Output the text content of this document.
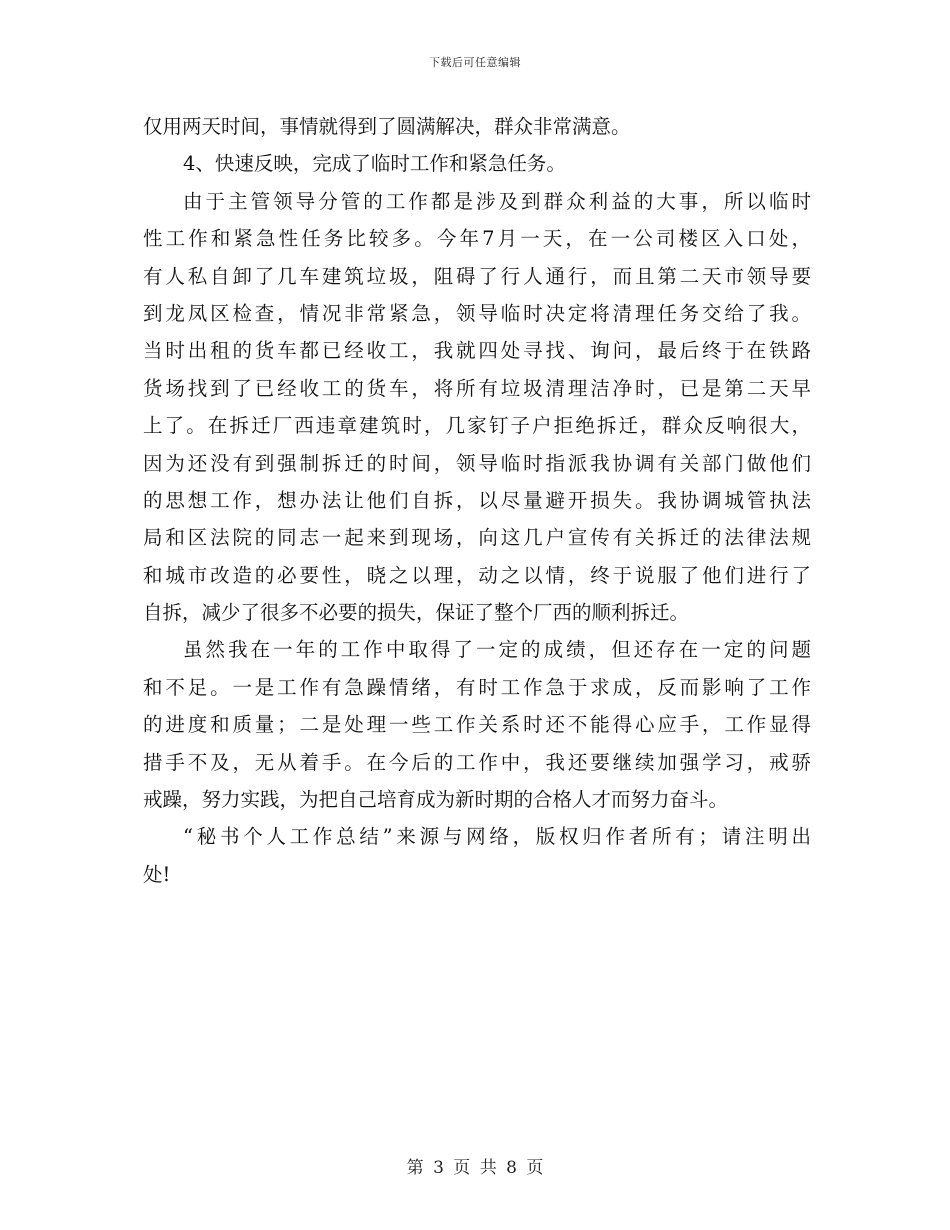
下载后可任意编辑
仅用两天时间，事情就得到了圆满解决，群众非常满意。
4、快速反映，完成了临时工作和紧急任务。
由于主管领导分管的工作都是涉及到群众利益的大事，所以临时
性工作和紧急性任务比较多。今年7月一天，在一公司楼区入口处，
有人私自卸了几车建筑垃圾，阻碍了行人通行，而且第二天市领导要
到龙凤区检查，情况非常紧急，领导临时决定将清理任务交给了我。
当时出租的货车都已经收工，我就四处寻找、询问，最后终于在铁路
货场找到了已经收工的货车，将所有垃圾清理洁净时，已是第二天早
上了。在拆迁厂西违章建筑时，几家钉子户拒绝拆迁，群众反响很大，
因为还没有到强制拆迁的时间，领导临时指派我协调有关部门做他们
的思想工作，想办法让他们自拆，以尽量避开损失。我协调城管执法
局和区法院的同志一起来到现场，向这几户宣传有关拆迁的法律法规
和城市改造的必要性，晓之以理，动之以情，终于说服了他们进行了
自拆，减少了很多不必要的损失，保证了整个厂西的顺利拆迁。
虽然我在一年的工作中取得了一定的成绩，但还存在一定的问题
和不足。一是工作有急躁情绪，有时工作急于求成，反而影响了工作
的进度和质量；二是处理一些工作关系时还不能得心应手，工作显得
措手不及，无从着手。在今后的工作中，我还要继续加强学习，戒骄
戒躁，努力实践，为把自己培育成为新时期的合格人才而努力奋斗。
“秘书个人工作总结”来源与网络，版权归作者所有；请注明出
处!
第 3 页 共 8 页
